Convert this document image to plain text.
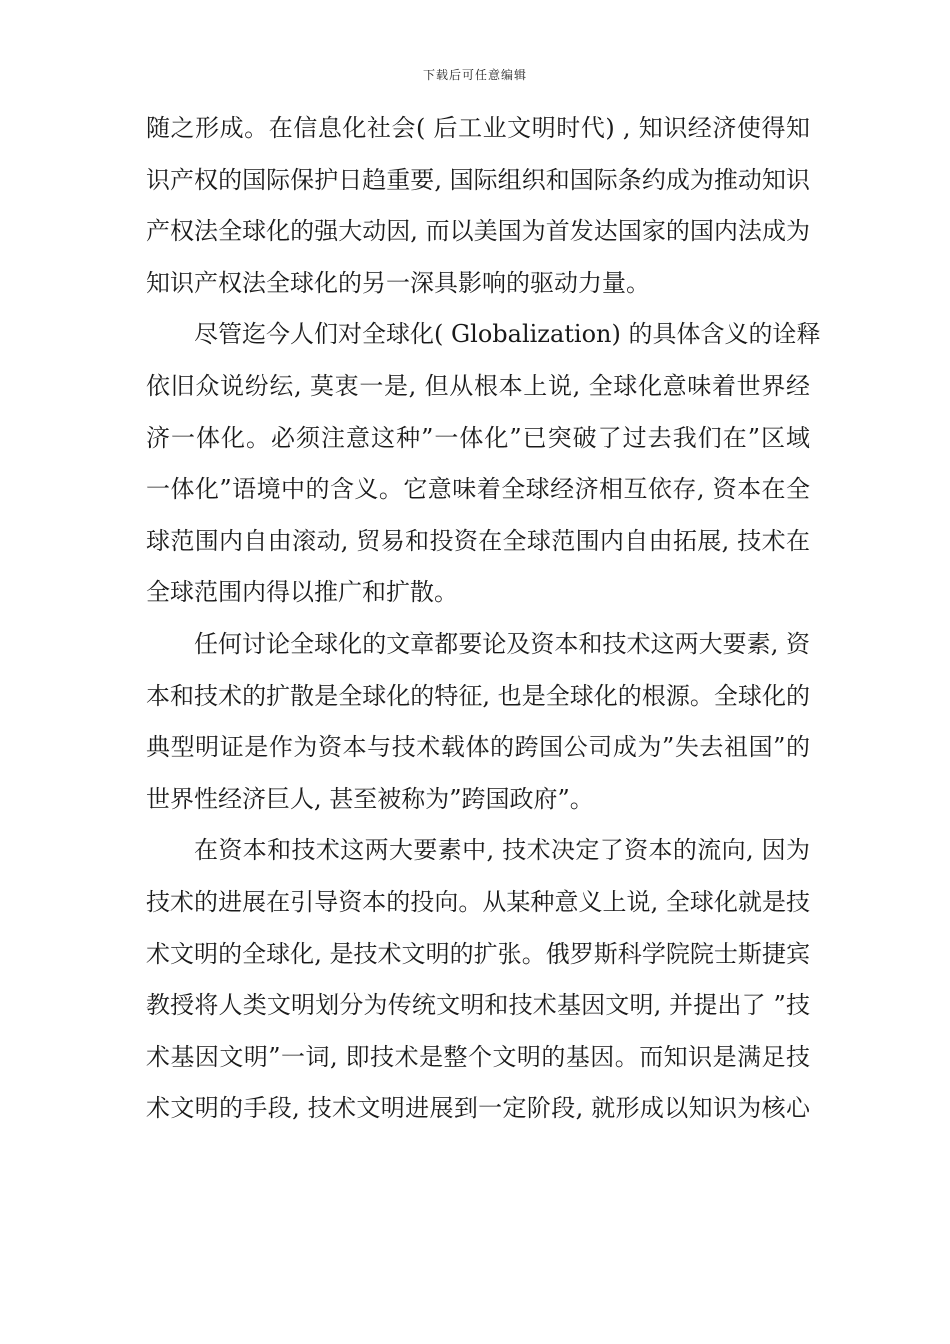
下载后可任意编辑
随之形成。在信息化社会( 后工业文明时代) , 知识经济使得知
识产权的国际保护日趋重要, 国际组织和国际条约成为推动知识
产权法全球化的强大动因, 而以美国为首发达国家的国内法成为
知识产权法全球化的另一深具影响的驱动力量。
尽管迄今人们对全球化( Globalization) 的具体含义的诠释
依旧众说纷纭, 莫衷一是, 但从根本上说, 全球化意味着世界经
济一体化。必须注意这种”一体化”已突破了过去我们在”区域
一体化”语境中的含义。它意味着全球经济相互依存, 资本在全
球范围内自由滚动, 贸易和投资在全球范围内自由拓展, 技术在
全球范围内得以推广和扩散。
任何讨论全球化的文章都要论及资本和技术这两大要素, 资
本和技术的扩散是全球化的特征, 也是全球化的根源。全球化的
典型明证是作为资本与技术载体的跨国公司成为”失去祖国”的
世界性经济巨人, 甚至被称为”跨国政府”。
在资本和技术这两大要素中, 技术决定了资本的流向, 因为
技术的进展在引导资本的投向。从某种意义上说, 全球化就是技
术文明的全球化, 是技术文明的扩张。俄罗斯科学院院士斯捷宾
教授将人类文明划分为传统文明和技术基因文明, 并提出了 ”技
术基因文明”一词, 即技术是整个文明的基因。而知识是满足技
术文明的手段, 技术文明进展到一定阶段, 就形成以知识为核心
